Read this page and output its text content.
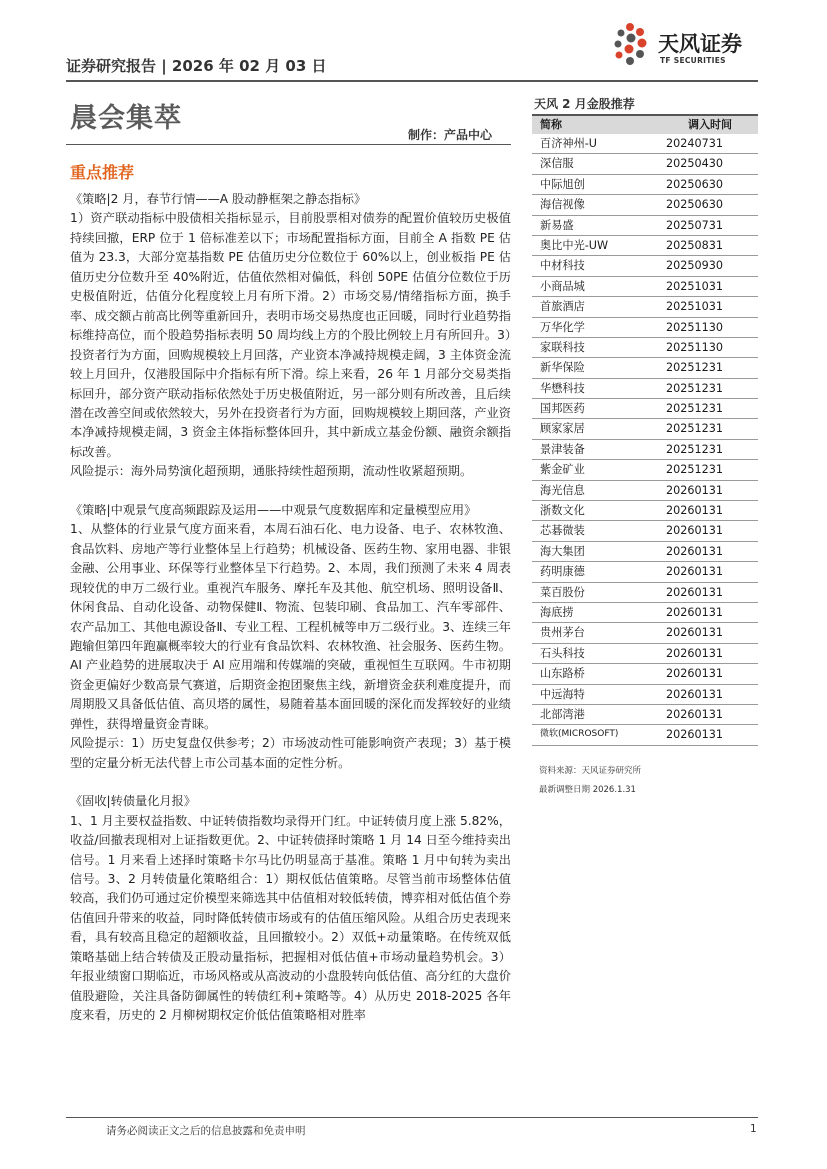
证券研究报告 | 2026 年 02 月 03 日
天风证券
TF SECURITIES
晨会集萃
制作：产品中心
重点推荐

《策略|2 月，春节行情——A 股动静框架之静态指标》

1）资产联动指标中股债相关指标显示，目前股票相对债券的配置价值较历史极值持续回撤，ERP 位于 1 倍标准差以下；市场配置指标方面，目前全 A 指数 PE 估值为 23.3，大部分宽基指数 PE 估值历史分位数位于 60%以上，创业板指 PE 估值历史分位数升至 40%附近，估值依然相对偏低，科创 50PE 估值分位数位于历史极值附近，估值分化程度较上月有所下滑。2）市场交易/情绪指标方面，换手率、成交额占前高比例等重新回升，表明市场交易热度也正回暖，同时行业趋势指标维持高位，而个股趋势指标表明 50 周均线上方的个股比例较上月有所回升。3）投资者行为方面，回购规模较上月回落，产业资本净减持规模走阔，3 主体资金流较上月回升，仅港股国际中介指标有所下滑。综上来看，26 年 1 月部分交易类指标回升，部分资产联动指标依然处于历史极值附近，另一部分则有所改善，且后续潜在改善空间或依然较大，另外在投资者行为方面，回购规模较上期回落，产业资本净减持规模走阔，3 资金主体指标整体回升，其中新成立基金份额、融资余额指标改善。

风险提示：海外局势演化超预期，通胀持续性超预期，流动性收紧超预期。

《策略|中观景气度高频跟踪及运用——中观景气度数据库和定量模型应用》

1、从整体的行业景气度方面来看，本周石油石化、电力设备、电子、农林牧渔、食品饮料、房地产等行业整体呈上行趋势；机械设备、医药生物、家用电器、非银金融、公用事业、环保等行业整体呈下行趋势。2、本周，我们预测了未来 4 周表现较优的申万二级行业。重视汽车服务、摩托车及其他、航空机场、照明设备Ⅱ、休闲食品、自动化设备、动物保健Ⅱ、物流、包装印刷、食品加工、汽车零部件、农产品加工、其他电源设备Ⅱ、专业工程、工程机械等申万二级行业。3、连续三年跑输但第四年跑赢概率较大的行业有食品饮料、农林牧渔、社会服务、医药生物。AI 产业趋势的进展取决于 AI 应用端和传媒端的突破，重视恒生互联网。牛市初期资金更偏好少数高景气赛道，后期资金抱团聚焦主线，新增资金获利难度提升，而周期股又具备低估值、高贝塔的属性，易随着基本面回暖的深化而发挥较好的业绩弹性，获得增量资金青睐。

风险提示：1）历史复盘仅供参考；2）市场波动性可能影响资产表现；3）基于模型的定量分析无法代替上市公司基本面的定性分析。

《固收|转债量化月报》

1、1 月主要权益指数、中证转债指数均录得开门红。中证转债月度上涨 5.82%，收益/回撤表现相对上证指数更优。2、中证转债择时策略 1 月 14 日至今维持卖出信号。1 月来看上述择时策略卡尔马比仍明显高于基准。策略 1 月中旬转为卖出信号。3、2 月转债量化策略组合：1）期权低估值策略。尽管当前市场整体估值较高，我们仍可通过定价模型来筛选其中估值相对较低转债，博弈相对低估值个券估值回升带来的收益，同时降低转债市场或有的估值压缩风险。从组合历史表现来看，具有较高且稳定的超额收益，且回撤较小。2）双低+动量策略。在传统双低策略基础上结合转债及正股动量指标，把握相对低估值+市场动量趋势机会。3）年报业绩窗口期临近，市场风格或从高波动的小盘股转向低估值、高分红的大盘价值股避险，关注具备防御属性的转债红利+策略等。4）从历史 2018-2025 各年度来看，历史的 2 月柳树期权定价低估值策略相对胜率

天风 2 月金股推荐
简称	调入时间
百济神州-U	20240731
深信服	20250430
中际旭创	20250630
海信视像	20250630
新易盛	20250731
奥比中光-UW	20250831
中材科技	20250930
小商品城	20251031
首旅酒店	20251031
万华化学	20251130
家联科技	20251130
新华保险	20251231
华懋科技	20251231
国邦医药	20251231
顾家家居	20251231
景津装备	20251231
紫金矿业	20251231
海光信息	20260131
浙数文化	20260131
芯碁微装	20260131
海大集团	20260131
药明康德	20260131
菜百股份	20260131
海底捞	20260131
贵州茅台	20260131
石头科技	20260131
山东路桥	20260131
中远海特	20260131
北部湾港	20260131
微软(MICROSOFT)	20260131
资料来源：天风证券研究所
最新调整日期 2026.1.31
请务必阅读正文之后的信息披露和免责申明	1
